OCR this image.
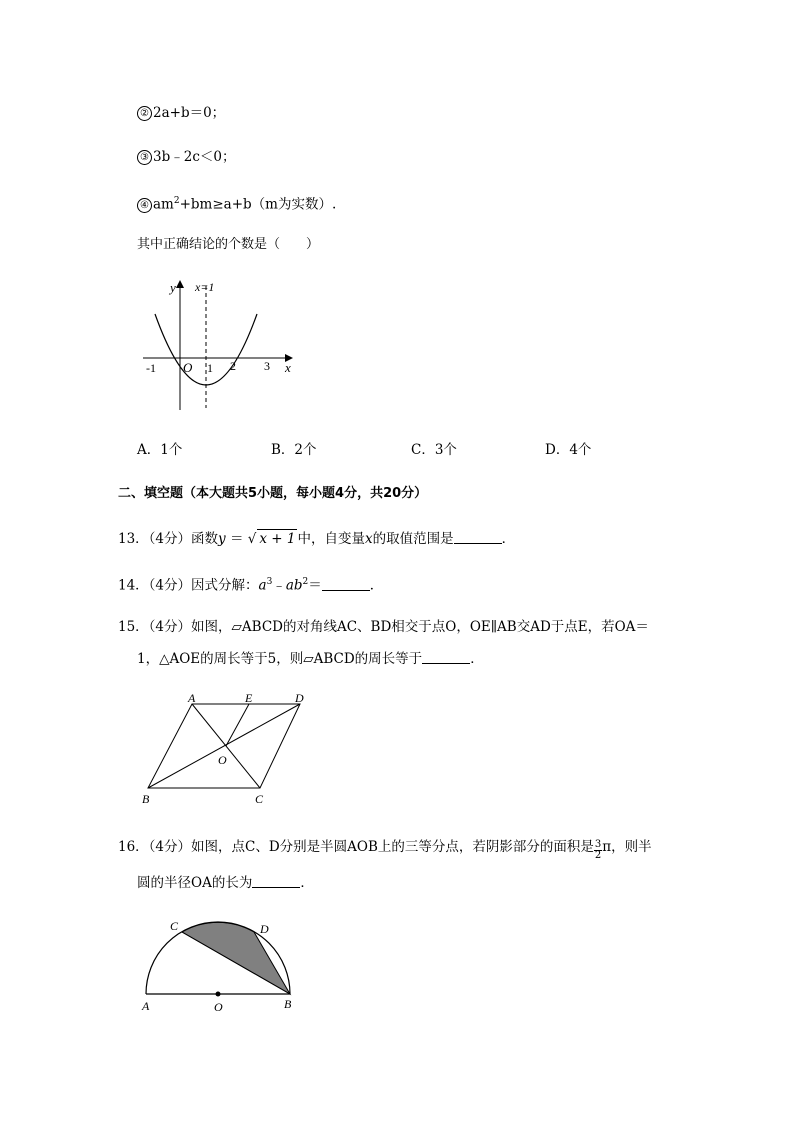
② 2a+b＝0；
③ 3b﹣2c＜0；
④ $am^2+bm\ge a+b(m$为实数）.
其中正确结论的个数是（　　）
y x=1
x
O
-1	1 2 3
A．1个	B．2个	C．3个	D．4个
二、填空题（本大题共5小题，每小题4分，共20分）
13．（4分）函数y ＝ √ x + 1 中，自变量x的取值范围是	．
14．（4分）因式分解：$a^3﹣ab^2=$	．
15．（4分）如图，▱ABCD的对角线AC、BD相交于点O，OE∥AB交AD于点E，若OA＝
1，△AOE的周长等于5，则▱ABCD的周长等于	．
A	E	D
O
B	C
16．（4分）如图，点C、D分别是半圆AOB上的三等分点，若阴影部分的面积是 $\frac{3}{2}$ π，则半
圆的半径OA的长为	．
C	D
A	O	B
